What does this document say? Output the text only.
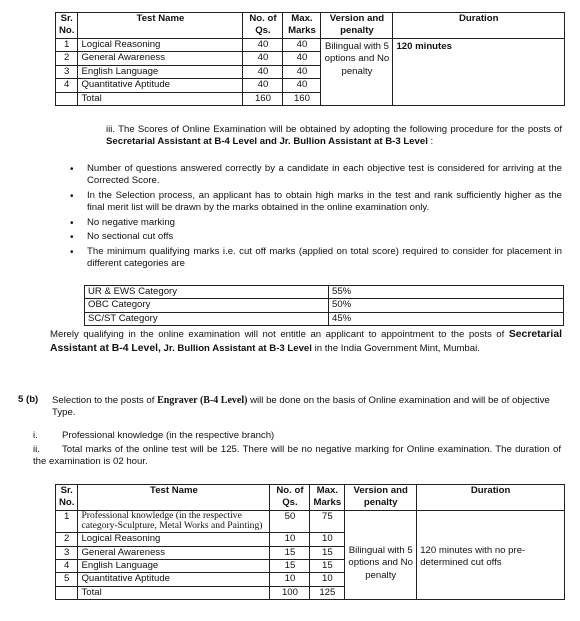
Sr. No.	Test Name	No. of Qs.	Max. Marks	Version and penalty	Duration
1	Logical Reasoning	40	40	Bilingual with 5 options and No penalty	120 minutes
2	General Awareness	40	40		
3	English Language	40	40		
4	Quantitative Aptitude	40	40		
	Total	160	160		
iii. The Scores of Online Examination will be obtained by adopting the following procedure for the posts of Secretarial Assistant at B-4 Level and Jr. Bullion Assistant at B-3 Level :
• Number of questions answered correctly by a candidate in each objective test is considered for arriving at the Corrected Score.
• In the Selection process, an applicant has to obtain high marks in the test and rank sufficiently higher as the final merit list will be drawn by the marks obtained in the online examination only.
• No negative marking
• No sectional cut offs
• The minimum qualifying marks i.e. cut off marks (applied on total score) required to consider for placement in different categories are
UR & EWS Category	55%
OBC Category	50%
SC/ST Category	45%
Merely qualifying in the online examination will not entitle an applicant to appointment to the posts of Secretarial Assistant at B-4 Level, Jr. Bullion Assistant at B-3 Level in the India Government Mint, Mumbai.
5 (b) Selection to the posts of Engraver (B-4 Level) will be done on the basis of Online examination and will be of objective Type.
i.	Professional knowledge (in the respective branch)
ii.	Total marks of the online test will be 125. There will be no negative marking for Online examination. The duration of the examination is 02 hour.
Sr. No.	Test Name	No. of Qs.	Max. Marks	Version and penalty	Duration
1	Professional knowledge (in the respective category-Sculpture, Metal Works and Painting)	50	75	Bilingual with 5 options and No penalty	120 minutes with no pre- determined cut offs
2	Logical Reasoning	10	10		
3	General Awareness	15	15		
4	English Language	15	15		
5	Quantitative Aptitude	10	10		
	Total	100	125		
